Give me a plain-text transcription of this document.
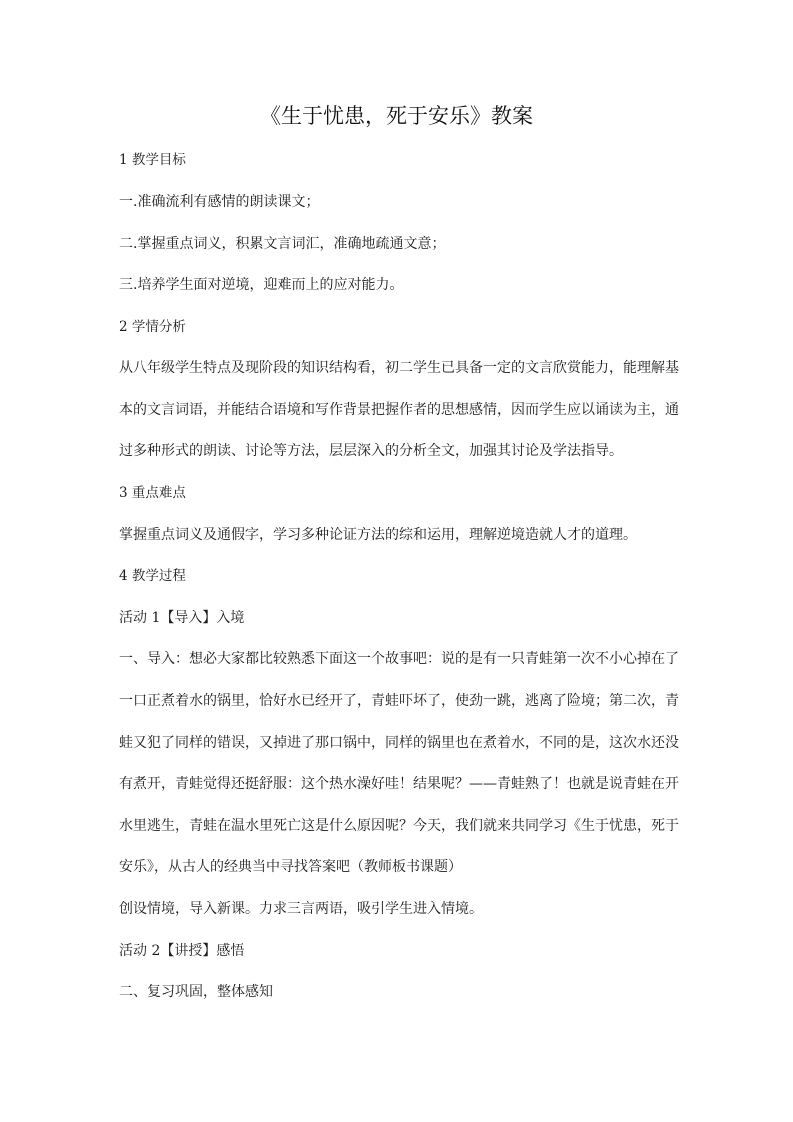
《生于忧患，死于安乐》教案

1 教学目标

一.准确流利有感情的朗读课文；

二.掌握重点词义，积累文言词汇，准确地疏通文意；

三.培养学生面对逆境，迎难而上的应对能力。

2 学情分析

从八年级学生特点及现阶段的知识结构看，初二学生已具备一定的文言欣赏能力，能理解基

本的文言词语，并能结合语境和写作背景把握作者的思想感情，因而学生应以诵读为主，通

过多种形式的朗读、讨论等方法，层层深入的分析全文，加强其讨论及学法指导。

3 重点难点

掌握重点词义及通假字，学习多种论证方法的综和运用，理解逆境造就人才的道理。

4 教学过程

活动 1【导入】入境

一、导入：想必大家都比较熟悉下面这一个故事吧：说的是有一只青蛙第一次不小心掉在了

一口正煮着水的锅里，恰好水已经开了，青蛙吓坏了，使劲一跳，逃离了险境；第二次，青

蛙又犯了同样的错误，又掉进了那口锅中，同样的锅里也在煮着水，不同的是，这次水还没

有煮开，青蛙觉得还挺舒服：这个热水澡好哇！结果呢？——青蛙熟了！也就是说青蛙在开

水里逃生，青蛙在温水里死亡这是什么原因呢？今天，我们就来共同学习《生于忧患，死于

安乐》，从古人的经典当中寻找答案吧（教师板书课题）

创设情境，导入新课。力求三言两语，吸引学生进入情境。

活动 2【讲授】感悟

二、复习巩固，整体感知
